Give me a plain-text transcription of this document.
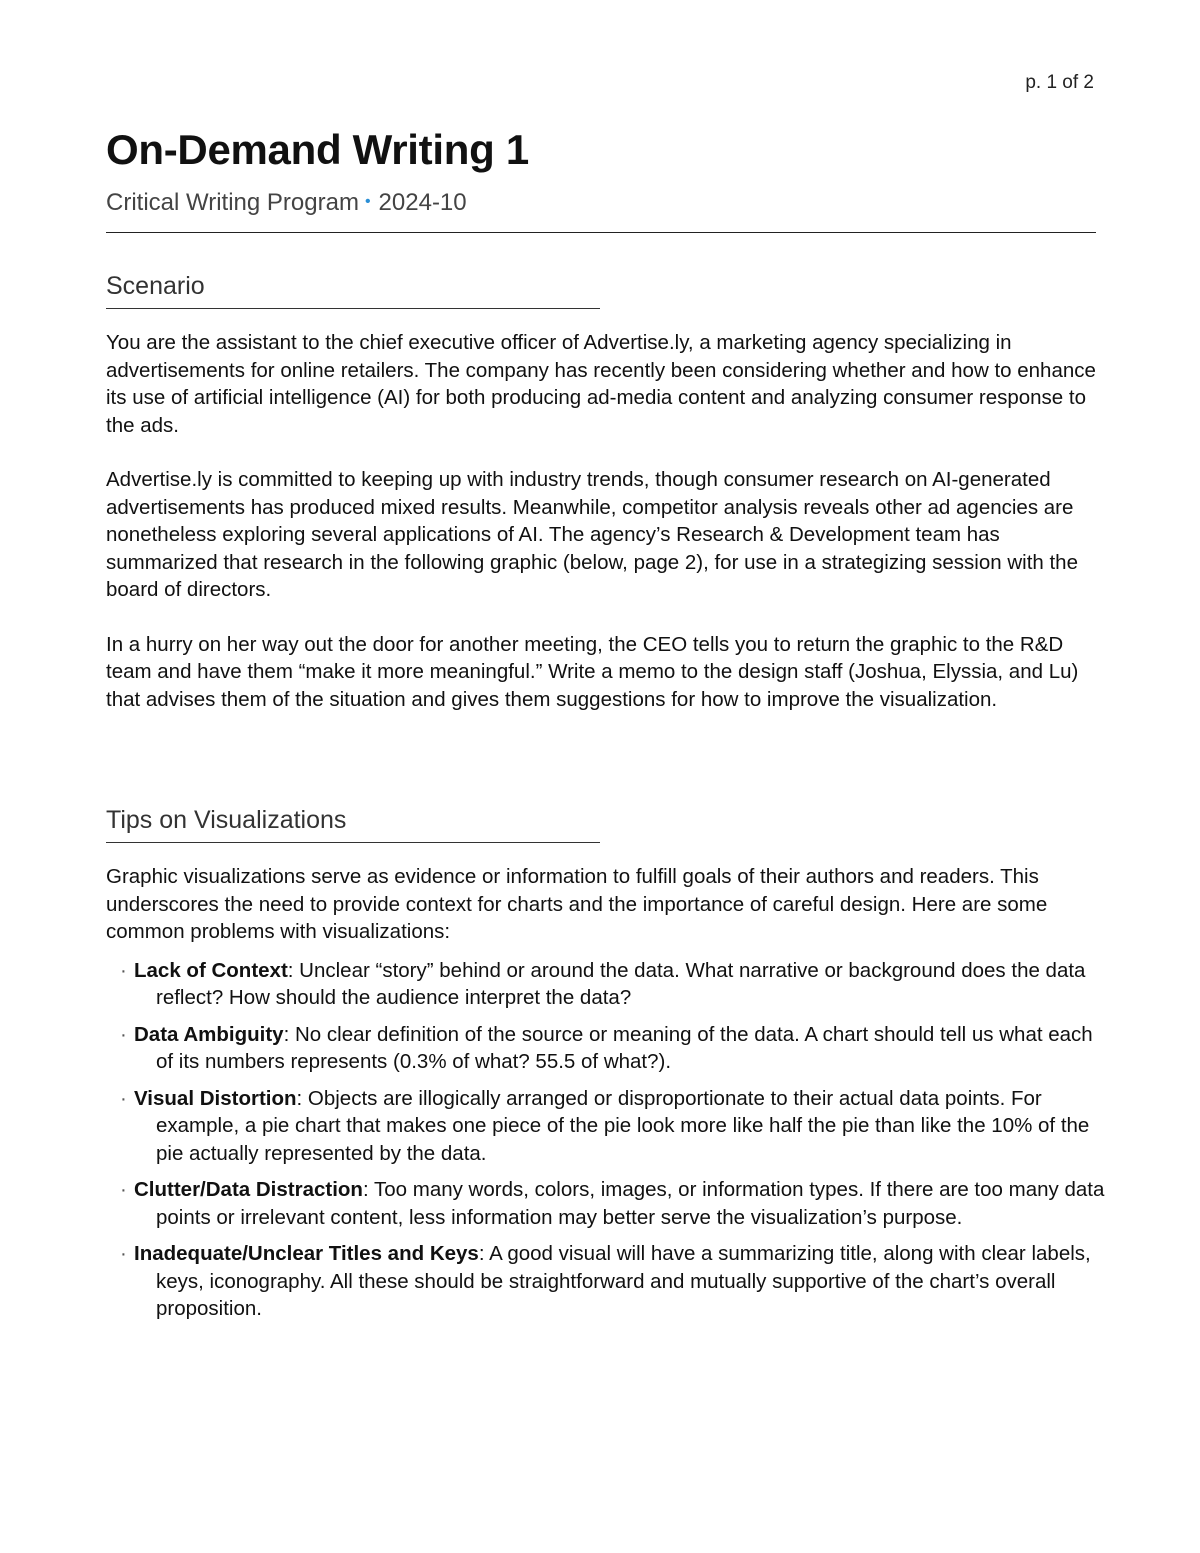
p. 1 of 2
On-Demand Writing 1
Critical Writing Program • 2024-10
Scenario

You are the assistant to the chief executive officer of Advertise.ly, a marketing agency specializing in advertisements for online retailers. The company has recently been considering whether and how to enhance its use of artificial intelligence (AI) for both producing ad-media content and analyzing consumer response to the ads.

Advertise.ly is committed to keeping up with industry trends, though consumer research on AI-generated advertisements has produced mixed results. Meanwhile, competitor analysis reveals other ad agencies are nonetheless exploring several applications of AI. The agency’s Research & Development team has summarized that research in the following graphic (below, page 2), for use in a strategizing session with the board of directors.

In a hurry on her way out the door for another meeting, the CEO tells you to return the graphic to the R&D team and have them “make it more meaningful.” Write a memo to the design staff (Joshua, Elyssia, and Lu) that advises them of the situation and gives them suggestions for how to improve the visualization.

Tips on Visualizations

Graphic visualizations serve as evidence or information to fulfill goals of their authors and readers. This underscores the need to provide context for charts and the importance of careful design. Here are some common problems with visualizations:

· Lack of Context: Unclear “story” behind or around the data. What narrative or background does the data reflect? How should the audience interpret the data?
· Data Ambiguity: No clear definition of the source or meaning of the data. A chart should tell us what each of its numbers represents (0.3% of what? 55.5 of what?).
· Visual Distortion: Objects are illogically arranged or disproportionate to their actual data points. For example, a pie chart that makes one piece of the pie look more like half the pie than like the 10% of the pie actually represented by the data.
· Clutter/Data Distraction: Too many words, colors, images, or information types. If there are too many data points or irrelevant content, less information may better serve the visualization’s purpose.
· Inadequate/Unclear Titles and Keys: A good visual will have a summarizing title, along with clear labels, keys, iconography. All these should be straightforward and mutually supportive of the chart’s overall proposition.
